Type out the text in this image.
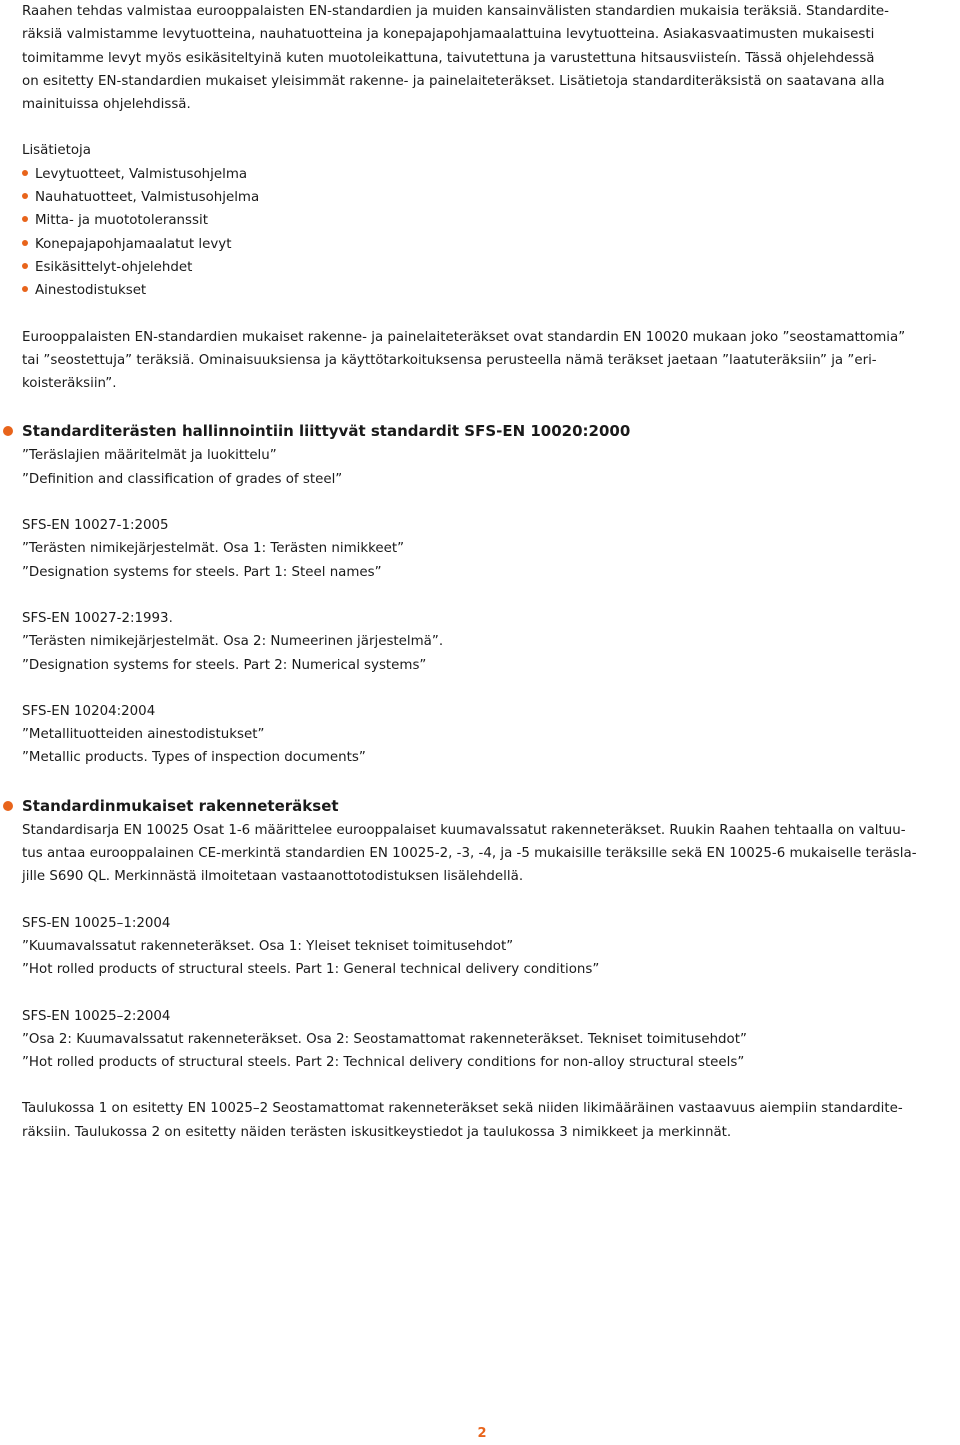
Raahen tehdas valmistaa eurooppalaisten EN-standardien ja muiden kansainvälisten standardien mukaisia teräksiä. Standardite-

räksiä valmistamme levytuotteina, nauhatuotteina ja konepajapohjamaalattuina levytuotteina. Asiakasvaatimusten mukaisesti

toimitamme levyt myös esikäsiteltyinä kuten muotoleikattuna, taivutettuna ja varustettuna hitsausviisteín. Tässä ohjelehdessä

on esitetty EN-standardien mukaiset yleisimmät rakenne- ja painelaiteteräkset. Lisätietoja standarditeräksistä on saatavana alla

mainituissa ohjelehdissä.

Lisätietoja

Levytuotteet, Valmistusohjelma
Nauhatuotteet, Valmistusohjelma
Mitta- ja muototoleranssit
Konepajapohjamaalatut levyt
Esikäsittelyt-ohjelehdet
Ainestodistukset

Eurooppalaisten EN-standardien mukaiset rakenne- ja painelaiteteräkset ovat standardin EN 10020 mukaan joko ”seostamattomia”

tai ”seostettuja” teräksiä. Ominaisuuksiensa ja käyttötarkoituksensa perusteella nämä teräkset jaetaan ”laatuteräksiin” ja ”eri-

koisteräksiin”.

Standarditerästen hallinnointiin liittyvät standardit SFS-EN 10020:2000

”Teräslajien määritelmät ja luokittelu”

”Definition and classification of grades of steel”

SFS-EN 10027-1:2005

”Terästen nimikejärjestelmät. Osa 1: Terästen nimikkeet”

”Designation systems for steels. Part 1: Steel names”

SFS-EN 10027-2:1993.

”Terästen nimikejärjestelmät. Osa 2: Numeerinen järjestelmä”.

”Designation systems for steels. Part 2: Numerical systems”

SFS-EN 10204:2004

”Metallituotteiden ainestodistukset”

”Metallic products. Types of inspection documents”

Standardinmukaiset rakenneteräkset

Standardisarja EN 10025 Osat 1-6 määrittelee eurooppalaiset kuumavalssatut rakenneteräkset. Ruukin Raahen tehtaalla on valtuu-

tus antaa eurooppalainen CE-merkintä standardien EN 10025-2, -3, -4, ja -5 mukaisille teräksille sekä EN 10025-6 mukaiselle teräsla-

jille S690 QL. Merkinnästä ilmoitetaan vastaanottotodistuksen lisälehdellä.

SFS-EN 10025–1:2004

”Kuumavalssatut rakenneteräkset. Osa 1: Yleiset tekniset toimitusehdot”

”Hot rolled products of structural steels. Part 1: General technical delivery conditions”

SFS-EN 10025–2:2004

”Osa 2: Kuumavalssatut rakenneteräkset. Osa 2: Seostamattomat rakenneteräkset. Tekniset toimitusehdot”

”Hot rolled products of structural steels. Part 2: Technical delivery conditions for non-alloy structural steels”

Taulukossa 1 on esitetty EN 10025–2 Seostamattomat rakenneteräkset sekä niiden likimääräinen vastaavuus aiempiin standardite-

räksiin. Taulukossa 2 on esitetty näiden terästen iskusitkeystiedot ja taulukossa 3 nimikkeet ja merkinnät.

2
